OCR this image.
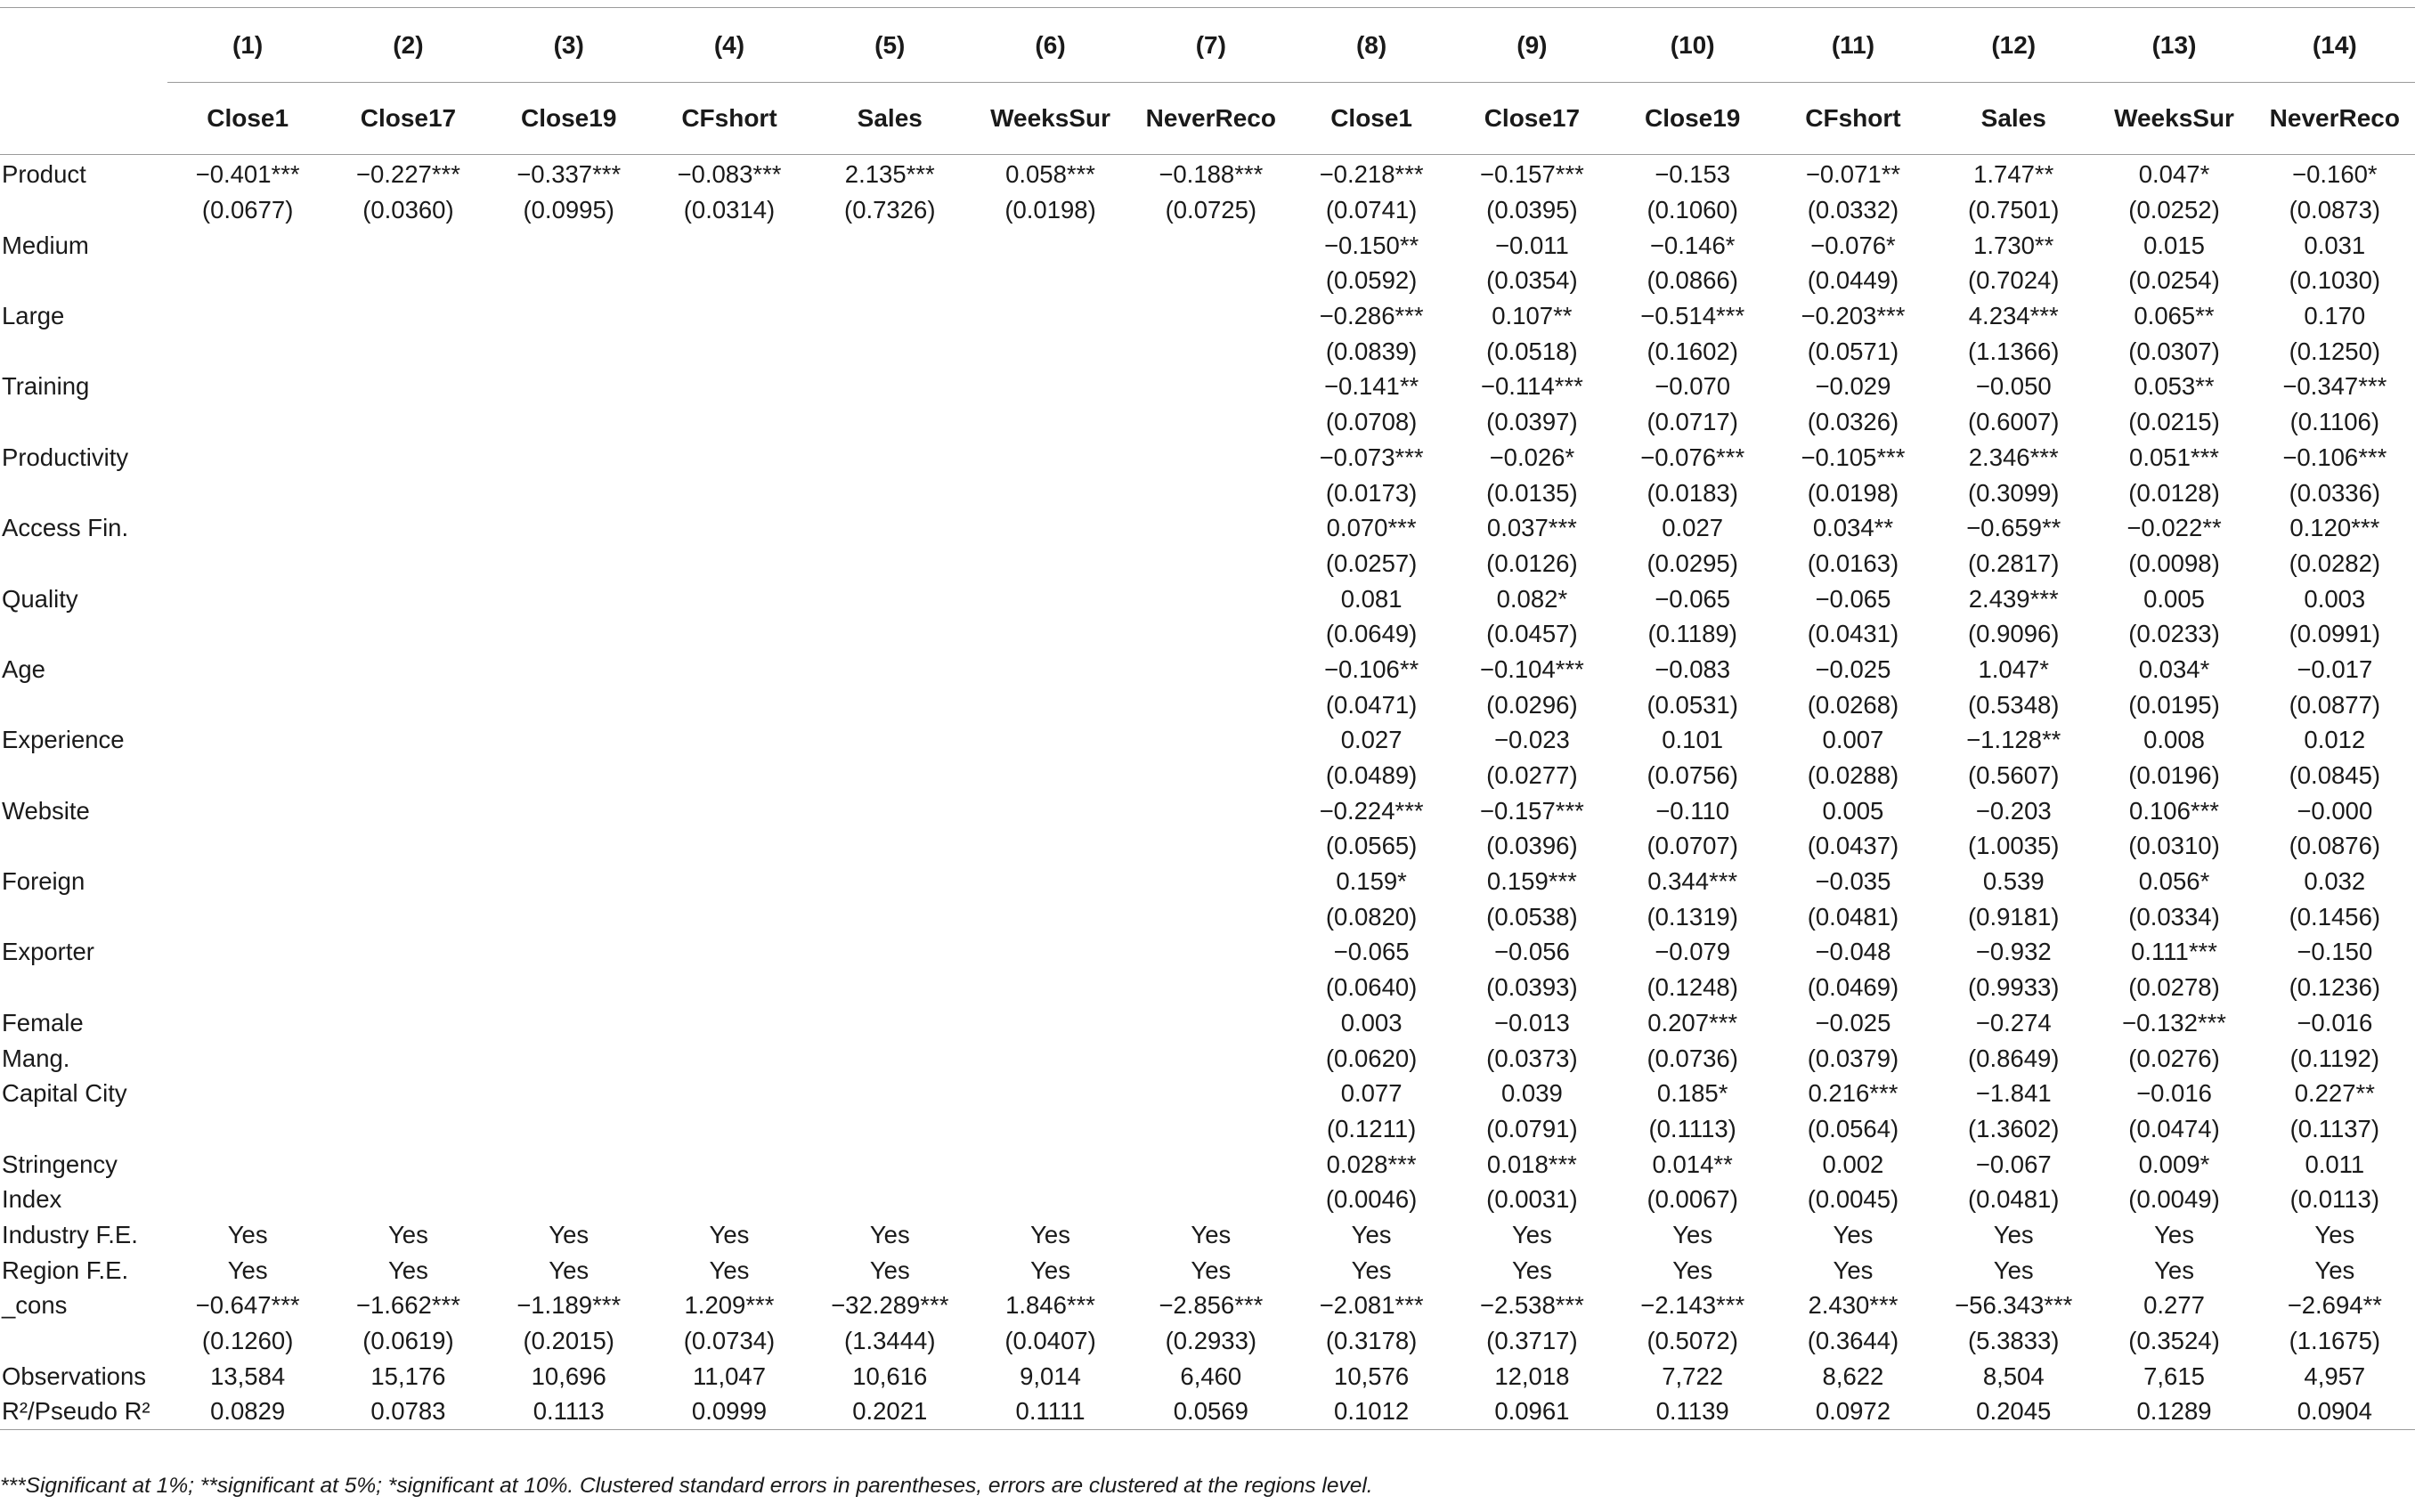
	(1)	(2)	(3)	(4)	(5)	(6)	(7)	(8)	(9)	(10)	(11)	(12)	(13)	(14)
	Close1	Close17	Close19	CFshort	Sales	WeeksSur	NeverReco	Close1	Close17	Close19	CFshort	Sales	WeeksSur	NeverReco
Product	−0.401***	−0.227***	−0.337***	−0.083***	2.135***	0.058***	−0.188***	−0.218***	−0.157***	−0.153	−0.071**	1.747**	0.047*	−0.160*
	(0.0677)	(0.0360)	(0.0995)	(0.0314)	(0.7326)	(0.0198)	(0.0725)	(0.0741)	(0.0395)	(0.1060)	(0.0332)	(0.7501)	(0.0252)	(0.0873)
Medium								−0.150**	−0.011	−0.146*	−0.076*	1.730**	0.015	0.031
								(0.0592)	(0.0354)	(0.0866)	(0.0449)	(0.7024)	(0.0254)	(0.1030)
Large								−0.286***	0.107**	−0.514***	−0.203***	4.234***	0.065**	0.170
								(0.0839)	(0.0518)	(0.1602)	(0.0571)	(1.1366)	(0.0307)	(0.1250)
Training								−0.141**	−0.114***	−0.070	−0.029	−0.050	0.053**	−0.347***
								(0.0708)	(0.0397)	(0.0717)	(0.0326)	(0.6007)	(0.0215)	(0.1106)
Productivity								−0.073***	−0.026*	−0.076***	−0.105***	2.346***	0.051***	−0.106***
								(0.0173)	(0.0135)	(0.0183)	(0.0198)	(0.3099)	(0.0128)	(0.0336)
Access Fin.								0.070***	0.037***	0.027	0.034**	−0.659**	−0.022**	0.120***
								(0.0257)	(0.0126)	(0.0295)	(0.0163)	(0.2817)	(0.0098)	(0.0282)
Quality								0.081	0.082*	−0.065	−0.065	2.439***	0.005	0.003
								(0.0649)	(0.0457)	(0.1189)	(0.0431)	(0.9096)	(0.0233)	(0.0991)
Age								−0.106**	−0.104***	−0.083	−0.025	1.047*	0.034*	−0.017
								(0.0471)	(0.0296)	(0.0531)	(0.0268)	(0.5348)	(0.0195)	(0.0877)
Experience								0.027	−0.023	0.101	0.007	−1.128**	0.008	0.012
								(0.0489)	(0.0277)	(0.0756)	(0.0288)	(0.5607)	(0.0196)	(0.0845)
Website								−0.224***	−0.157***	−0.110	0.005	−0.203	0.106***	−0.000
								(0.0565)	(0.0396)	(0.0707)	(0.0437)	(1.0035)	(0.0310)	(0.0876)
Foreign								0.159*	0.159***	0.344***	−0.035	0.539	0.056*	0.032
								(0.0820)	(0.0538)	(0.1319)	(0.0481)	(0.9181)	(0.0334)	(0.1456)
Exporter								−0.065	−0.056	−0.079	−0.048	−0.932	0.111***	−0.150
								(0.0640)	(0.0393)	(0.1248)	(0.0469)	(0.9933)	(0.0278)	(0.1236)
Female								0.003	−0.013	0.207***	−0.025	−0.274	−0.132***	−0.016
Mang.								(0.0620)	(0.0373)	(0.0736)	(0.0379)	(0.8649)	(0.0276)	(0.1192)
Capital City								0.077	0.039	0.185*	0.216***	−1.841	−0.016	0.227**
								(0.1211)	(0.0791)	(0.1113)	(0.0564)	(1.3602)	(0.0474)	(0.1137)
Stringency								0.028***	0.018***	0.014**	0.002	−0.067	0.009*	0.011
Index								(0.0046)	(0.0031)	(0.0067)	(0.0045)	(0.0481)	(0.0049)	(0.0113)
Industry F.E.	Yes	Yes	Yes	Yes	Yes	Yes	Yes	Yes	Yes	Yes	Yes	Yes	Yes	Yes
Region F.E.	Yes	Yes	Yes	Yes	Yes	Yes	Yes	Yes	Yes	Yes	Yes	Yes	Yes	Yes
_cons	−0.647***	−1.662***	−1.189***	1.209***	−32.289***	1.846***	−2.856***	−2.081***	−2.538***	−2.143***	2.430***	−56.343***	0.277	−2.694**
	(0.1260)	(0.0619)	(0.2015)	(0.0734)	(1.3444)	(0.0407)	(0.2933)	(0.3178)	(0.3717)	(0.5072)	(0.3644)	(5.3833)	(0.3524)	(1.1675)
Observations	13,584	15,176	10,696	11,047	10,616	9,014	6,460	10,576	12,018	7,722	8,622	8,504	7,615	4,957
R²/Pseudo R²	0.0829	0.0783	0.1113	0.0999	0.2021	0.1111	0.0569	0.1012	0.0961	0.1139	0.0972	0.2045	0.1289	0.0904
***Significant at 1%; **significant at 5%; *significant at 10%. Clustered standard errors in parentheses, errors are clustered at the regions level.
